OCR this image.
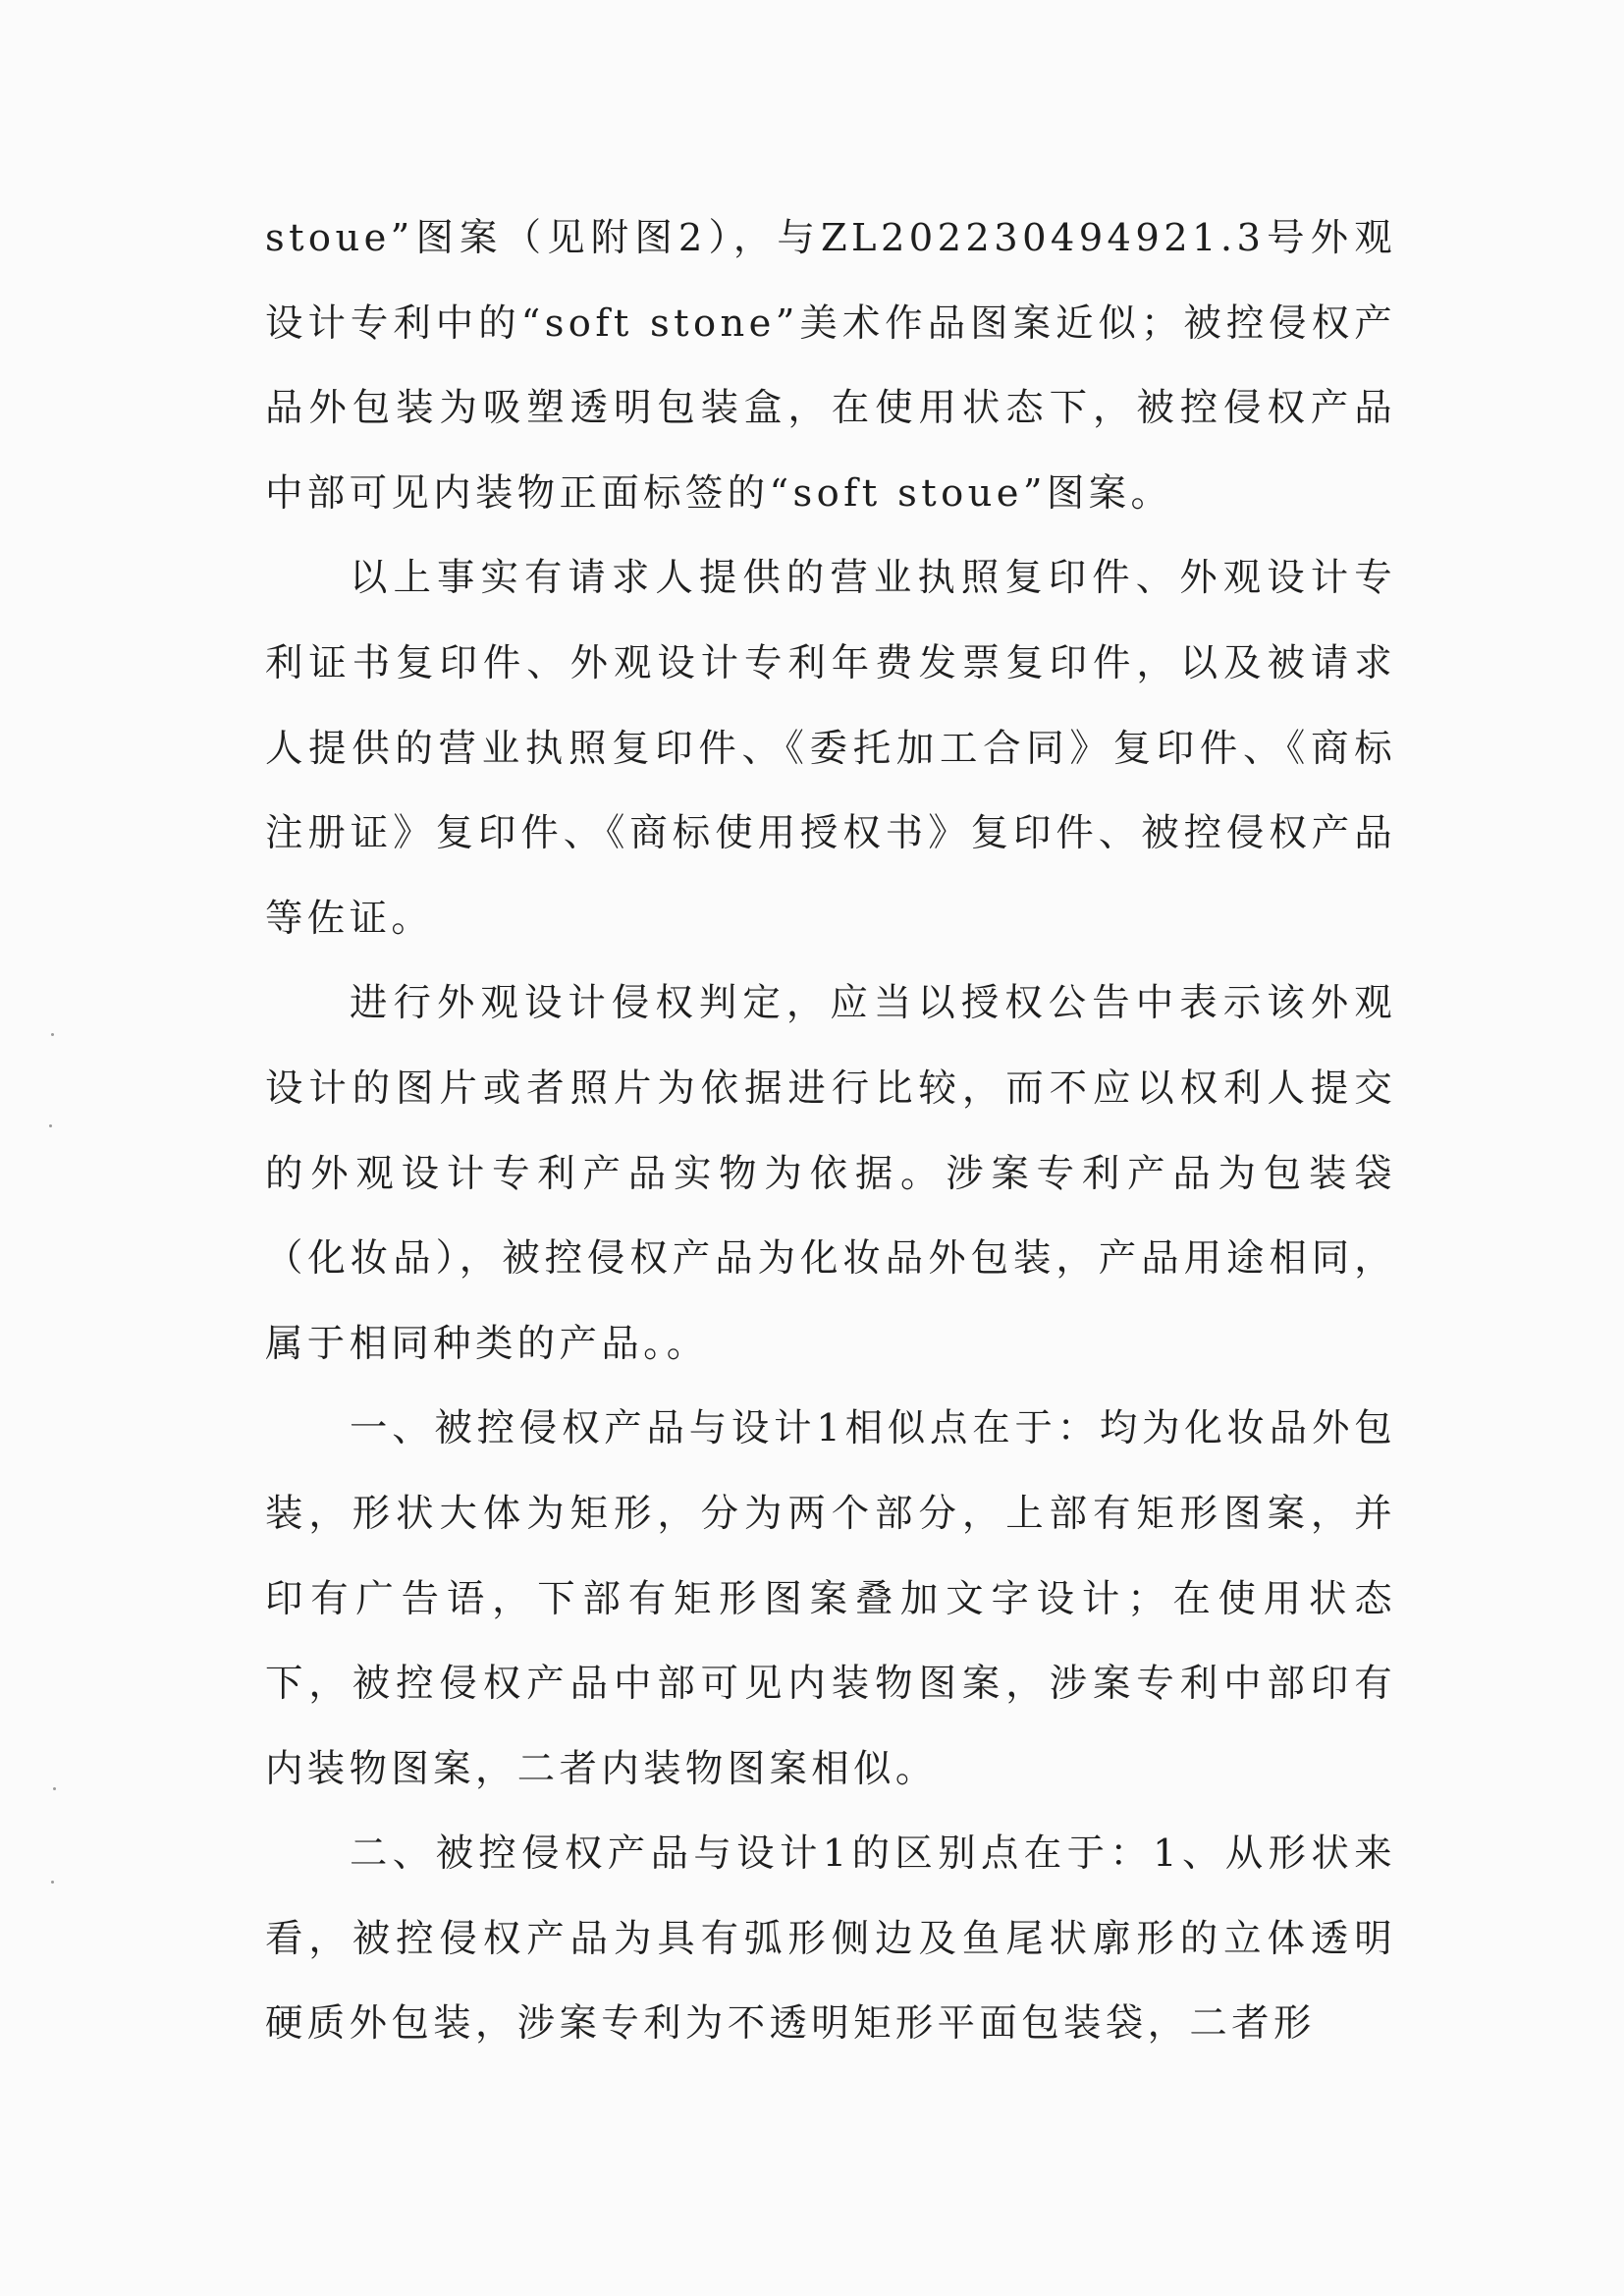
stoue”图案（见附图2），与ZL202230494921.3号外观设计专利中的“soft stone”美术作品图案近似；被控侵权产品外包装为吸塑透明包装盒，在使用状态下，被控侵权产品中部可见内装物正面标签的“soft stoue”图案。

以上事实有请求人提供的营业执照复印件、外观设计专利证书复印件、外观设计专利年费发票复印件，以及被请求人提供的营业执照复印件、《委托加工合同》复印件、《商标注册证》复印件、《商标使用授权书》复印件、被控侵权产品等佐证。

进行外观设计侵权判定，应当以授权公告中表示该外观设计的图片或者照片为依据进行比较，而不应以权利人提交的外观设计专利产品实物为依据。涉案专利产品为包装袋（化妆品），被控侵权产品为化妆品外包装，产品用途相同，属于相同种类的产品。。

一、被控侵权产品与设计1相似点在于：均为化妆品外包装，形状大体为矩形，分为两个部分，上部有矩形图案，并印有广告语，下部有矩形图案叠加文字设计；在使用状态下，被控侵权产品中部可见内装物图案，涉案专利中部印有内装物图案，二者内装物图案相似。

二、被控侵权产品与设计1的区别点在于：1、从形状来看，被控侵权产品为具有弧形侧边及鱼尾状廓形的立体透明硬质外包装，涉案专利为不透明矩形平面包装袋，二者形
